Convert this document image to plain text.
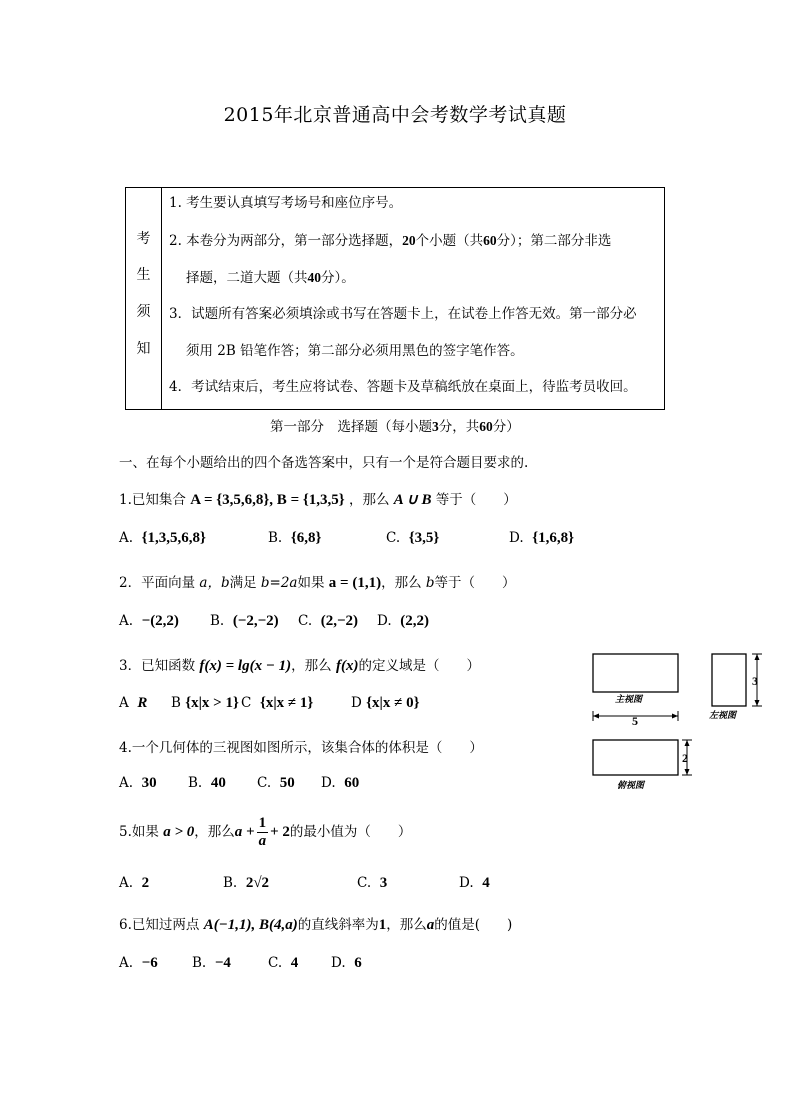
2015年北京普通高中会考数学考试真题
考
生
须
知
1. 考生要认真填写考场号和座位序号。
2. 本卷分为两部分，第一部分选择题，20个小题（共60分）；第二部分非选
择题，二道大题（共40分）。
3．试题所有答案必须填涂或书写在答题卡上，在试卷上作答无效。第一部分必
须用 2B 铅笔作答；第二部分必须用黑色的签字笔作答。
4．考试结束后，考生应将试卷、答题卡及草稿纸放在桌面上，待监考员收回。
第一部分　选择题（每小题3分，共60分）
一、在每个小题给出的四个备选答案中，只有一个是符合题目要求的.
1.已知集合 A = {3,5,6,8}, B = {1,3,5} ，那么 A ∪ B 等于（　　）
A. {1,3,5,6,8}	B. {6,8}	C. {3,5}	D. {1,6,8}
2．平面向量 a，b满足 b=2a如果 a = (1,1)，那么 b等于（　　）
A. −(2,2) B. (−2,−2) C. (2,−2) D. (2,2)
3．已知函数 f(x) = lg(x − 1)，那么 f(x)的定义域是（　　）
A R B {x|x > 1} C {x|x ≠ 1}	D {x|x ≠ 0}
4.一个几何体的三视图如图所示，该集合体的体积是（　　）
A. 30 B. 40 C. 50 D. 60
主视图
5	左视图
3
俯视图
2
5.如果 a > 0，那么$a + \frac{1}{a} + 2$的最小值为（　　）
A. 2	B. 2√2	C. 3	D. 4
6.已知过两点 A(−1,1), B(4,a)的直线斜率为1，那么a的值是(　　)
A. −6	B. −4	C. 4 D. 6
